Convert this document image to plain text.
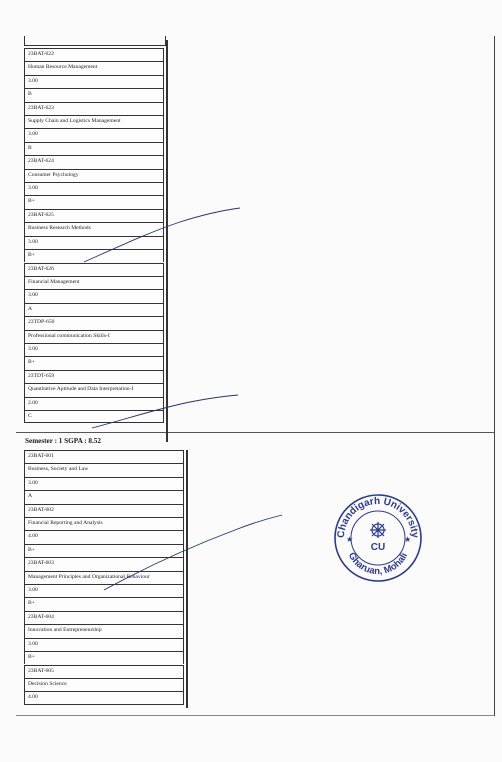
23BAT-622
Human Resource Management
3.00
B
23BAT-623
Supply Chain and Logistics Management
3.00
B
23BAT-624
Consumer Psychology
3.00
B+
23BAT-625
Business Research Methods
3.00
B+
23BAT-626
Financial Management
3.00
A
23TDP-650
Professional communication Skills-I
3.00
B+
23TDT-659
Quantitative Aptitude and Data Interpretation-I
2.00
C
Semester : 1 SGPA : 8.52
23BAT-601
Business, Society and Law
3.00
A
23BAT-602
Financial Reporting and Analysis
4.00
B+
23BAT-603
Management Principles and Organizational Behaviour
3.00
B+
23BAT-604
Innovation and Entrepreneurship
3.00
B+
23BAT-605
Decision Science
4.00
Chandigarh University
Gharuan, Mohali
★	★
CU
